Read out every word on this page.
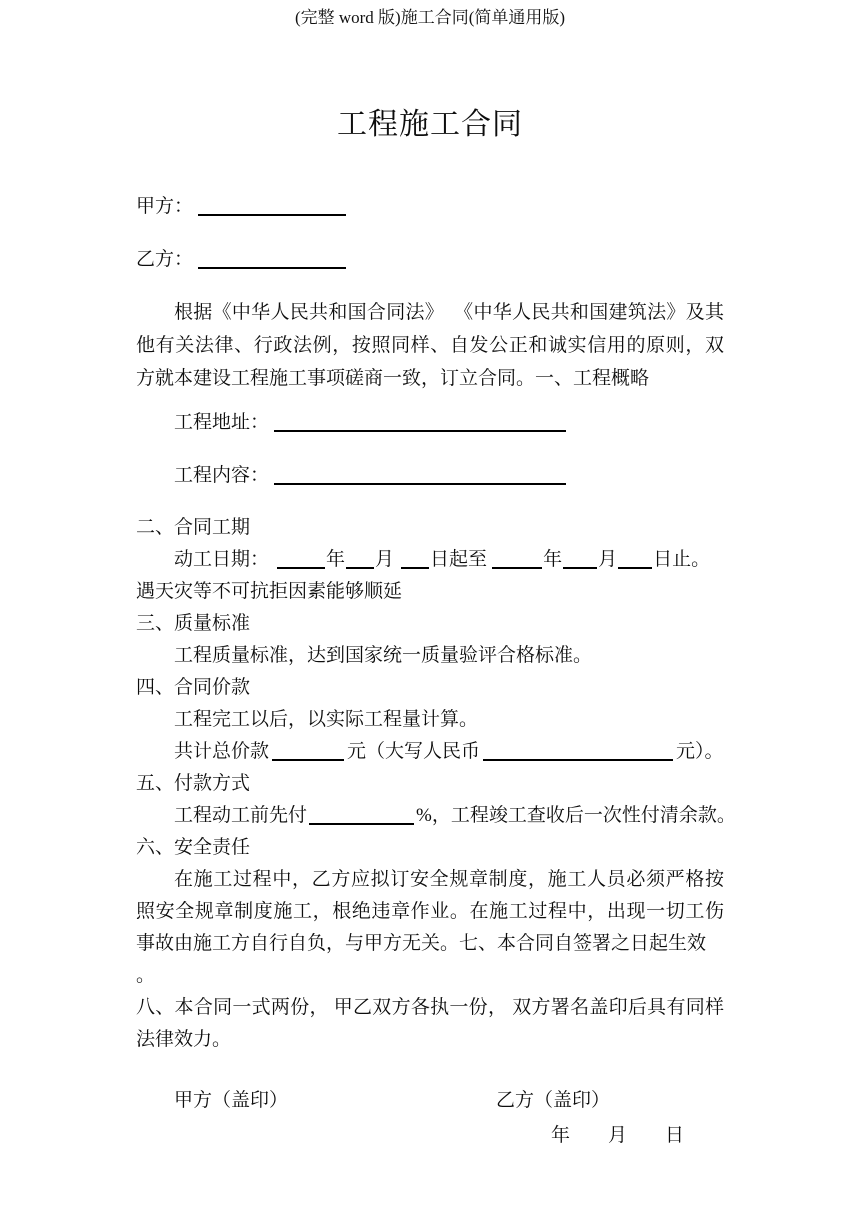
(完整 word 版)施工合同(简单通用版)
工程施工合同

甲方：

乙方：

根据《中华人民共和国合同法》  《中华人民共和国建筑法》及其他有关法律、行政法例，按照同样、自发公正和诚实信用的原则，双方就本建设工程施工事项磋商一致，订立合同。一、工程概略

工程地址：

工程内容：

二、合同工期

动工日期：	年 月 日起至	年 月 日止。

遇天灾等不可抗拒因素能够顺延

三、质量标准

工程质量标准，达到国家统一质量验评合格标准。

四、合同价款

工程完工以后，以实际工程量计算。

共计总价款	元（大写人民币	元）。

五、付款方式

工程动工前先付	%，工程竣工查收后一次性付清余款。

六、安全责任

在施工过程中，乙方应拟订安全规章制度，施工人员必须严格按照安全规章制度施工，根绝违章作业。在施工过程中，出现一切工伤事故由施工方自行自负，与甲方无关。七、本合同自签署之日起生效

。

八、本合同一式两份， 甲乙双方各执一份， 双方署名盖印后具有同样法律效力。

甲方（盖印）	乙方（盖印）

年　　月　　日
